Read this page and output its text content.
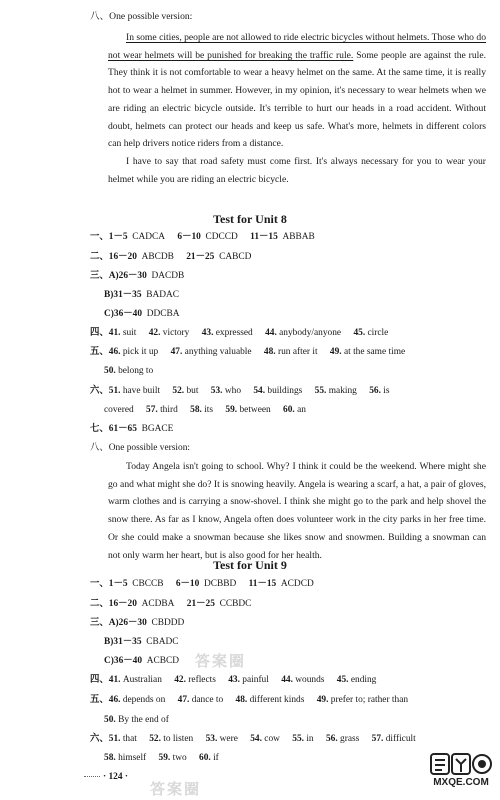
八、One possible version:

In some cities, people are not allowed to ride electric bicycles without helmets. Those who do not wear helmets will be punished for breaking the traffic rule. Some people are against the rule. They think it is not comfortable to wear a heavy helmet on the same. At the same time, it is really hot to wear a helmet in summer. However, in my opinion, it's necessary to wear helmets when we are riding an electric bicycle outside. It's terrible to hurt our heads in a road accident. Without doubt, helmets can protect our heads and keep us safe. What's more, helmets in different colors can help drivers notice riders from a distance.

I have to say that road safety must come first. It's always necessary for you to wear your helmet while you are riding an electric bicycle.

Test for Unit 8
一、1－5 CADCA 6－10 CDCCD 11－15 ABBAB
二、16－20 ABCDB 21－25 CABCD
三、A)26－30 DACDB
B)31－35 BADAC
C)36－40 DDCBA
四、41. suit 42. victory 43. expressed 44. anybody/anyone 45. circle
五、46. pick it up 47. anything valuable 48. run after it 49. at the same time
50. belong to
六、51. have built 52. but 53. who 54. buildings 55. making 56. is
covered 57. third 58. its 59. between 60. an
七、61－65 BGACE
八、One possible version:

Today Angela isn't going to school. Why? I think it could be the weekend. Where might she go and what might she do? It is snowing heavily. Angela is wearing a scarf, a hat, a pair of gloves, warm clothes and is carrying a snow-shovel. I think she might go to the park and help shovel the snow there. As far as I know, Angela often does volunteer work in the city parks in her free time. Or she could make a snowman because she likes snow and snowmen. Building a snowman can not only warm her heart, but is also good for her health.

Test for Unit 9
一、1－5 CBCCB 6－10 DCBBD 11－15 ACDCD
二、16－20 ACDBA 21－25 CCBDC
三、A)26－30 CBDDD
B)31－35 CBADC
C)36－40 ACBCD
四、41. Australian 42. reflects 43. painful 44. wounds 45. ending
五、46. depends on 47. dance to 48. different kinds 49. prefer to; rather than
50. By the end of
六、51. that 52. to listen 53. were 54. cow 55. in 56. grass 57. difficult
58. himself 59. two 60. if
· 124 ·
答案圈
答案圈	MXQE.COM
